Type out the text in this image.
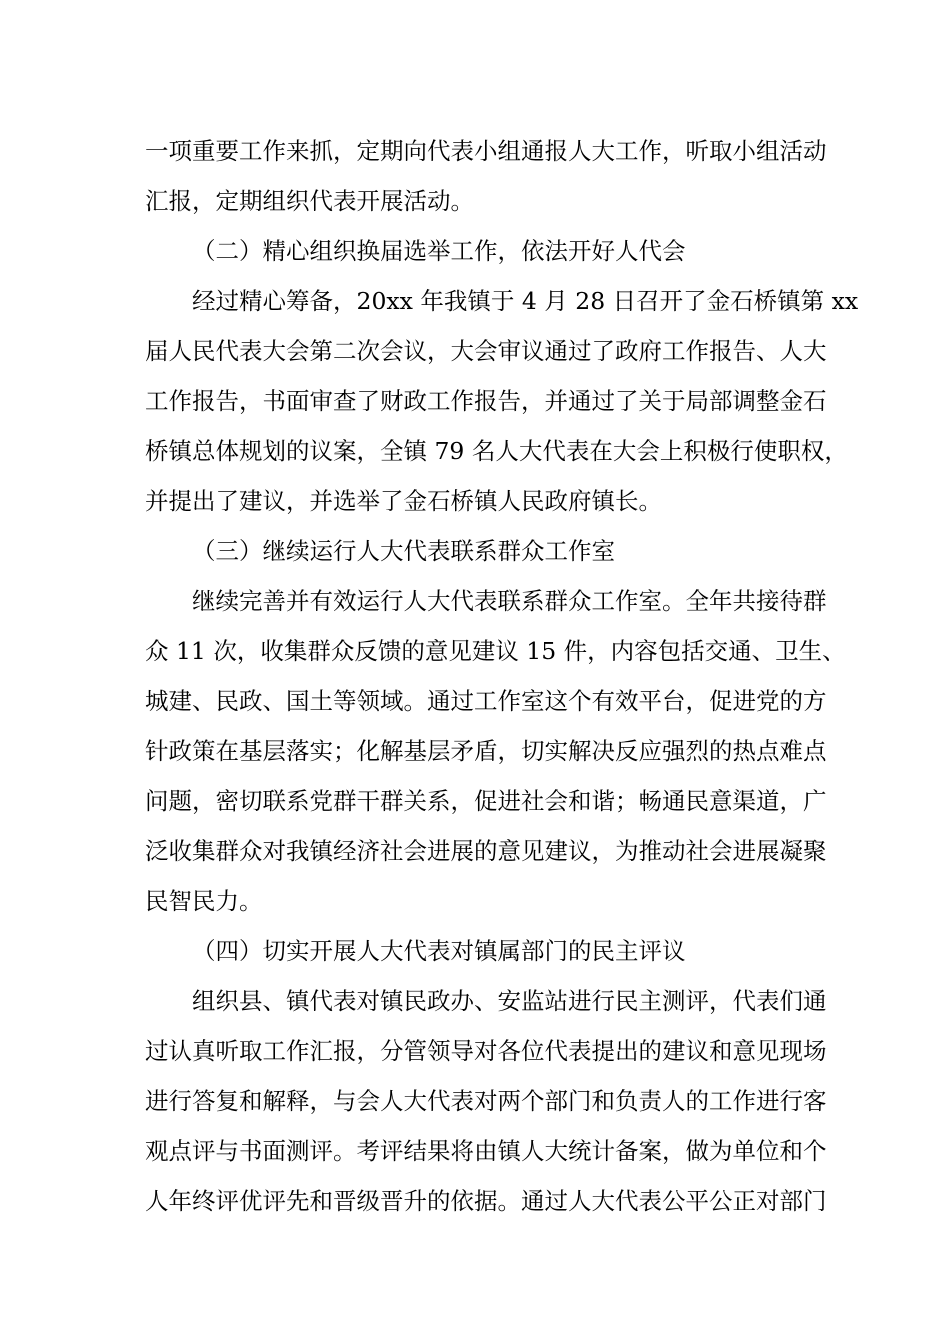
一项重要工作来抓，定期向代表小组通报人大工作，听取小组活动
汇报，定期组织代表开展活动。
（二）精心组织换届选举工作，依法开好人代会
经过精心筹备，20xx 年我镇于 4 月 28 日召开了金石桥镇第 xx
届人民代表大会第二次会议，大会审议通过了政府工作报告、人大
工作报告，书面审查了财政工作报告，并通过了关于局部调整金石
桥镇总体规划的议案，全镇 79 名人大代表在大会上积极行使职权，
并提出了建议，并选举了金石桥镇人民政府镇长。
（三）继续运行人大代表联系群众工作室
继续完善并有效运行人大代表联系群众工作室。全年共接待群
众 11 次，收集群众反馈的意见建议 15 件，内容包括交通、卫生、
城建、民政、国土等领域。通过工作室这个有效平台，促进党的方
针政策在基层落实；化解基层矛盾，切实解决反应强烈的热点难点
问题，密切联系党群干群关系，促进社会和谐；畅通民意渠道，广
泛收集群众对我镇经济社会进展的意见建议，为推动社会进展凝聚
民智民力。
（四）切实开展人大代表对镇属部门的民主评议
组织县、镇代表对镇民政办、安监站进行民主测评，代表们通
过认真听取工作汇报，分管领导对各位代表提出的建议和意见现场
进行答复和解释，与会人大代表对两个部门和负责人的工作进行客
观点评与书面测评。考评结果将由镇人大统计备案，做为单位和个
人年终评优评先和晋级晋升的依据。通过人大代表公平公正对部门
